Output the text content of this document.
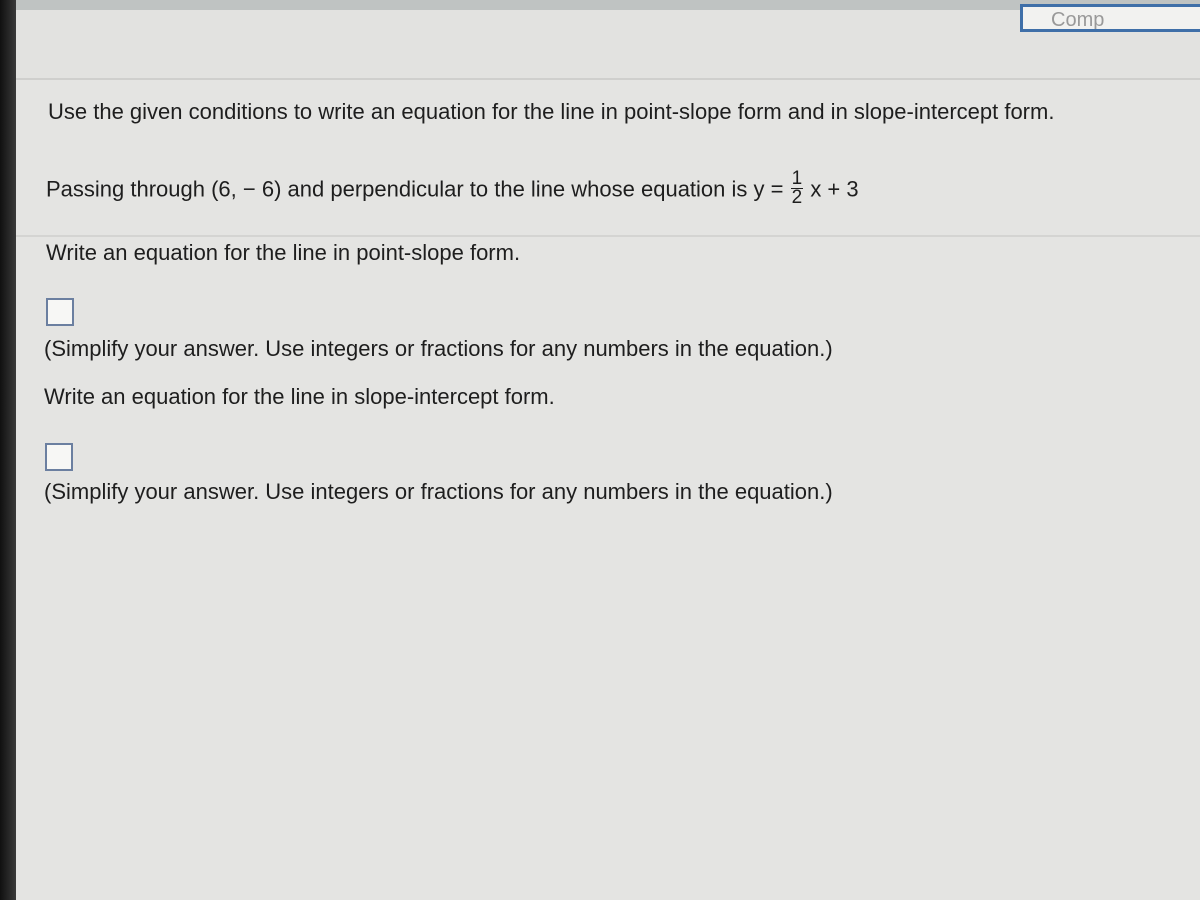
Comp
Use the given conditions to write an equation for the line in point-slope form and in slope-intercept form.
Passing through (6, − 6) and perpendicular to the line whose equation is $y = \frac{1}{2}$ x + 3
Write an equation for the line in point-slope form.
(Simplify your answer. Use integers or fractions for any numbers in the equation.)
Write an equation for the line in slope-intercept form.
(Simplify your answer. Use integers or fractions for any numbers in the equation.)
